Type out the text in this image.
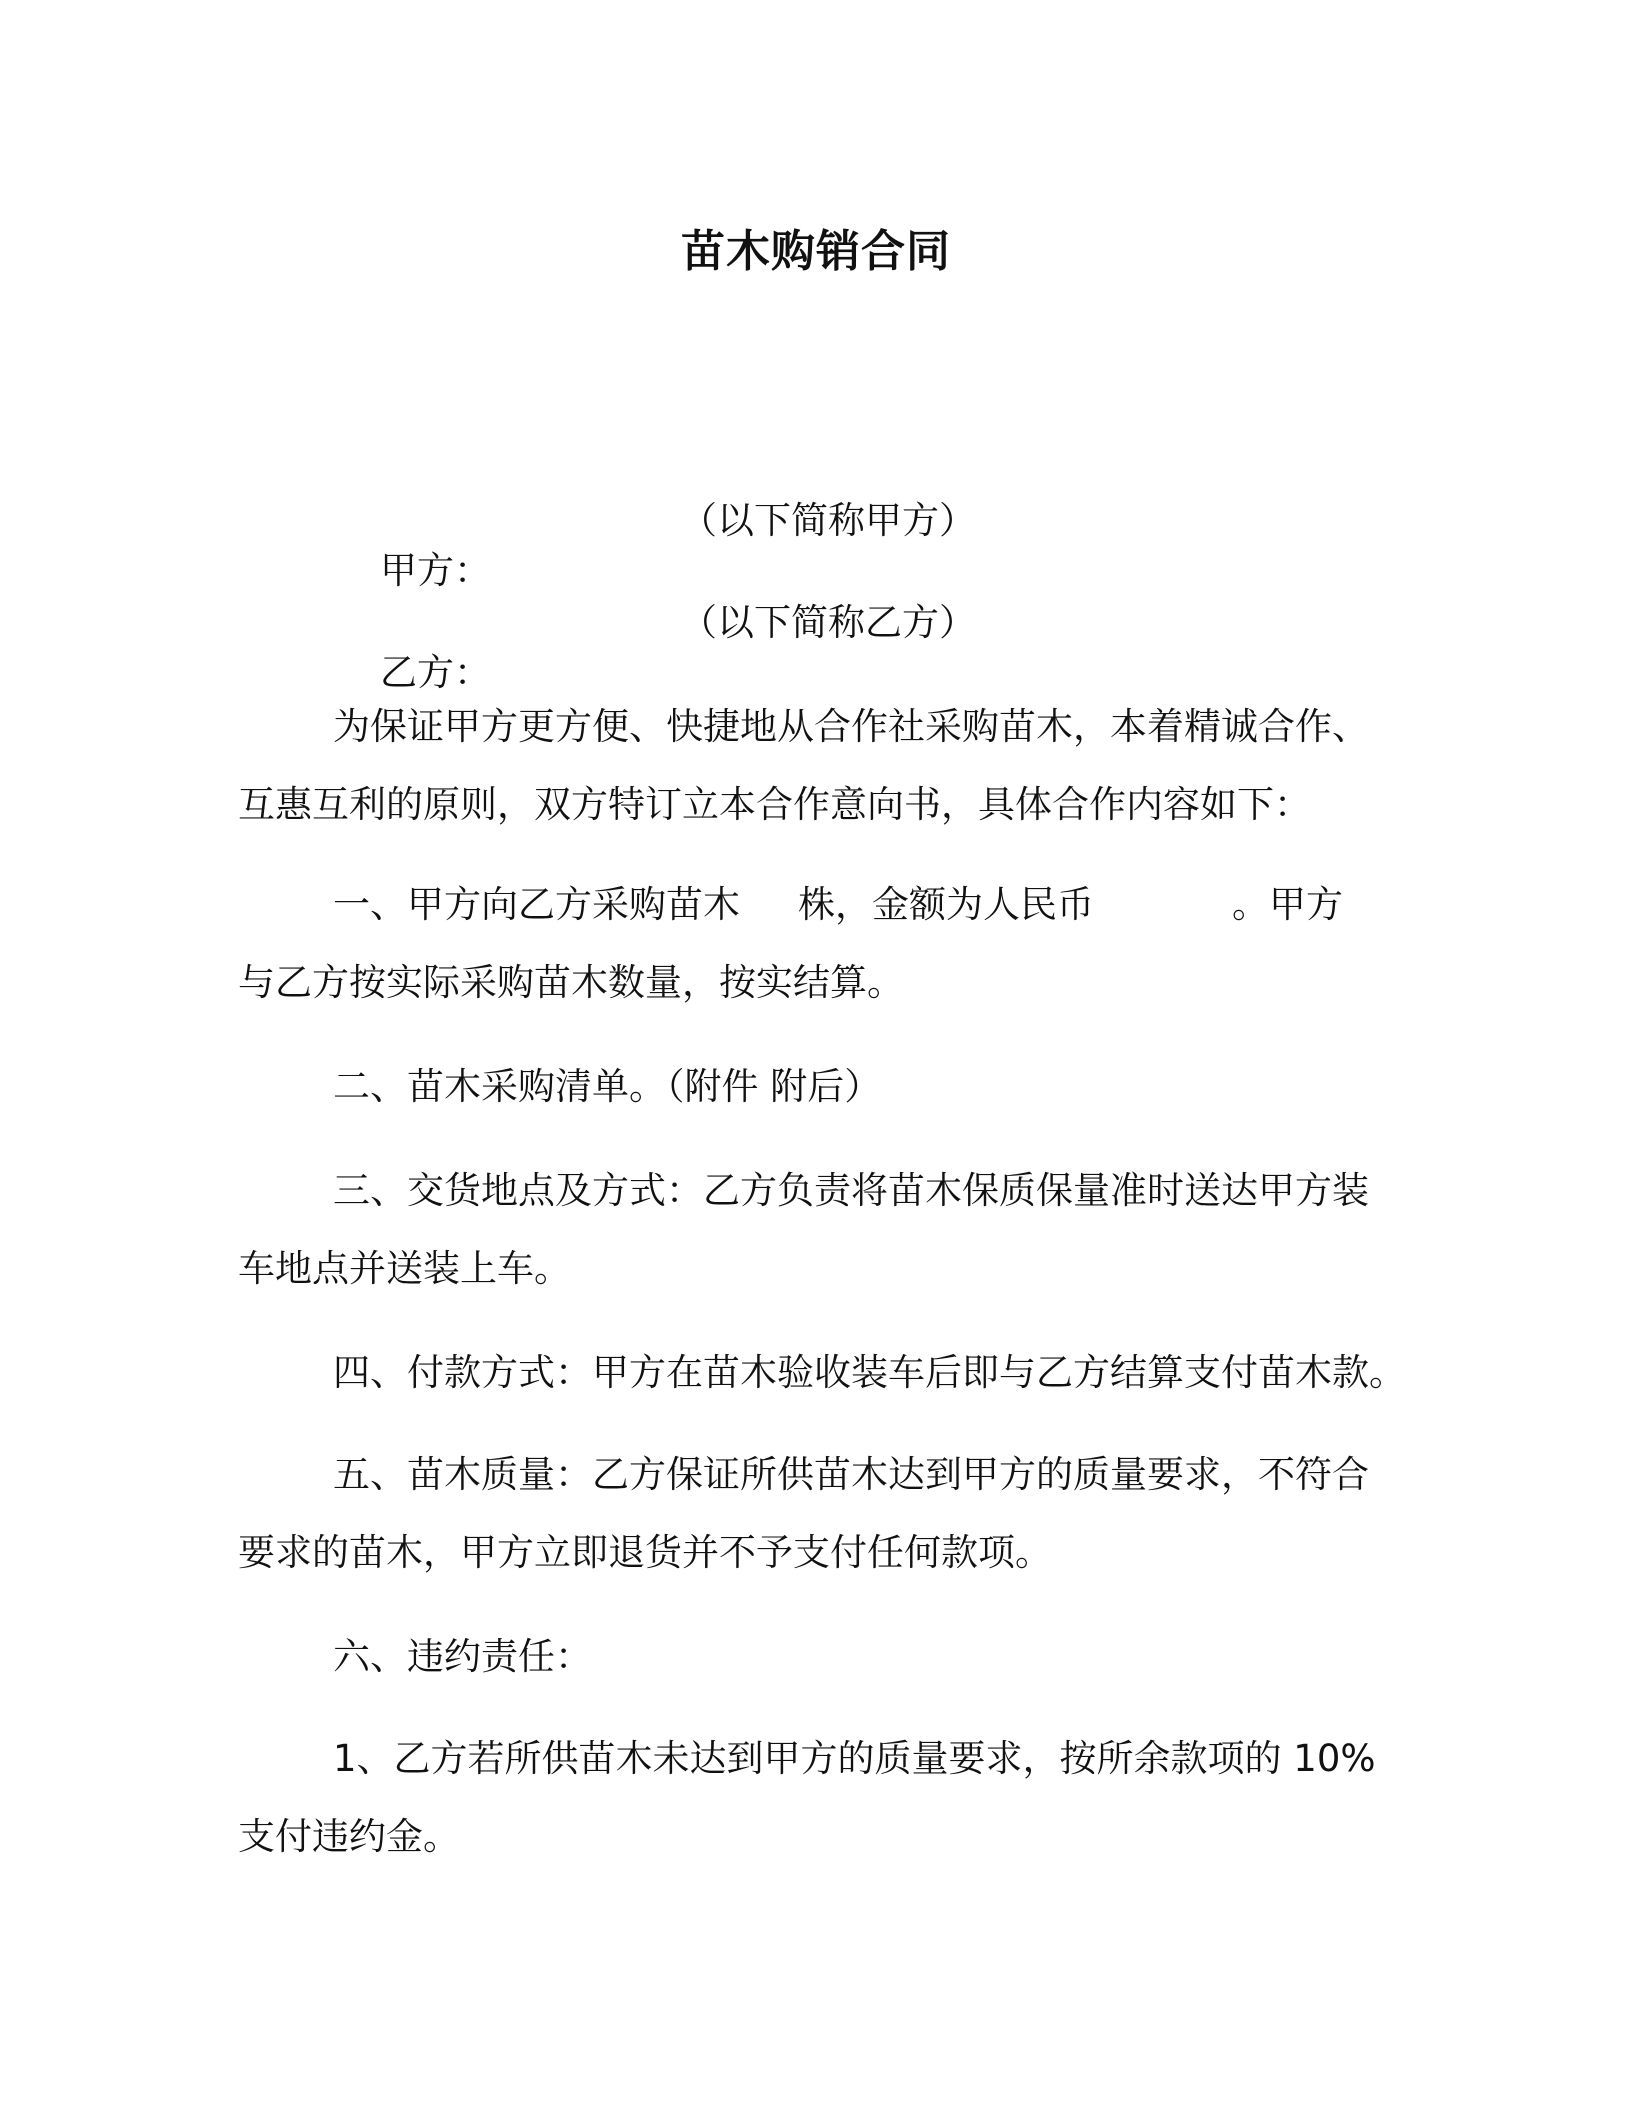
苗木购销合同

甲方：

（以下简称甲方）

乙方：

（以下简称乙方）
为保证甲方更方便、快捷地从合作社采购苗木，本着精诚合作、
互惠互利的原则，双方特订立本合作意向书，具体合作内容如下：
一、甲方向乙方采购苗木 株，金额为人民币	。甲方
与乙方按实际采购苗木数量，按实结算。
二、苗木采购清单。（附件 附后）
三、交货地点及方式：乙方负责将苗木保质保量准时送达甲方装
车地点并送装上车。
四、付款方式：甲方在苗木验收装车后即与乙方结算支付苗木款。
五、苗木质量：乙方保证所供苗木达到甲方的质量要求，不符合
要求的苗木，甲方立即退货并不予支付任何款项。
六、违约责任：
1、乙方若所供苗木未达到甲方的质量要求，按所余款项的 10%
支付违约金。
